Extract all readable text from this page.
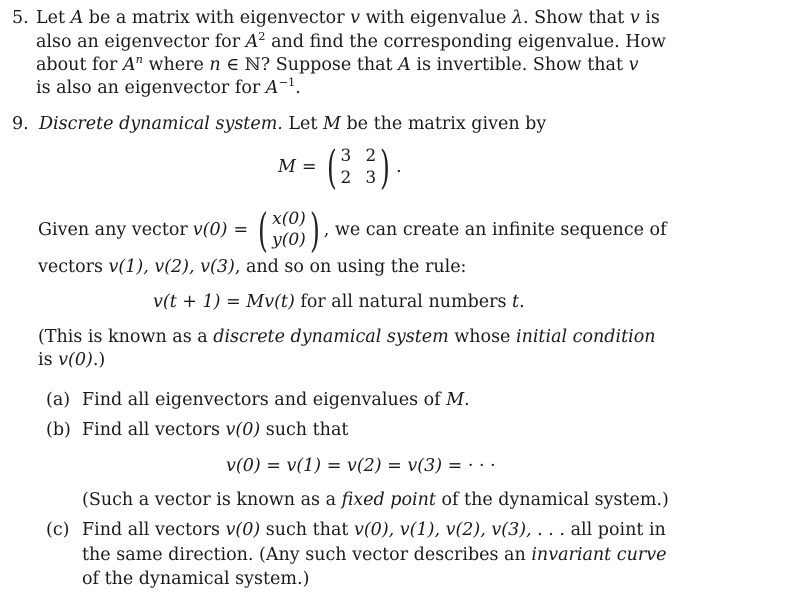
5. Let A be a matrix with eigenvector v with eigenvalue λ. Show that v is
also an eigenvector for $A^2$ and find the corresponding eigenvalue. How
about for $A^n$ where n ∈ ℕ? Suppose that A is invertible. Show that v
is also an eigenvector for $A^{-1}$.
9. Discrete dynamical system. Let M be the matrix given by
M = ( 3 2
2 3 ) .
Given any vector v(0) = ( x(0)
y(0) ) , we can create an infinite sequence of
vectors v(1), v(2), v(3), and so on using the rule:
v(t + 1) = Mv(t) for all natural numbers t.
(This is known as a discrete dynamical system whose initial condition
is v(0).)
(a) Find all eigenvectors and eigenvalues of M.
(b) Find all vectors v(0) such that
v(0) = v(1) = v(2) = v(3) = · · ·
(Such a vector is known as a fixed point of the dynamical system.)
(c) Find all vectors v(0) such that v(0), v(1), v(2), v(3), . . . all point in
the same direction. (Any such vector describes an invariant curve
of the dynamical system.)
